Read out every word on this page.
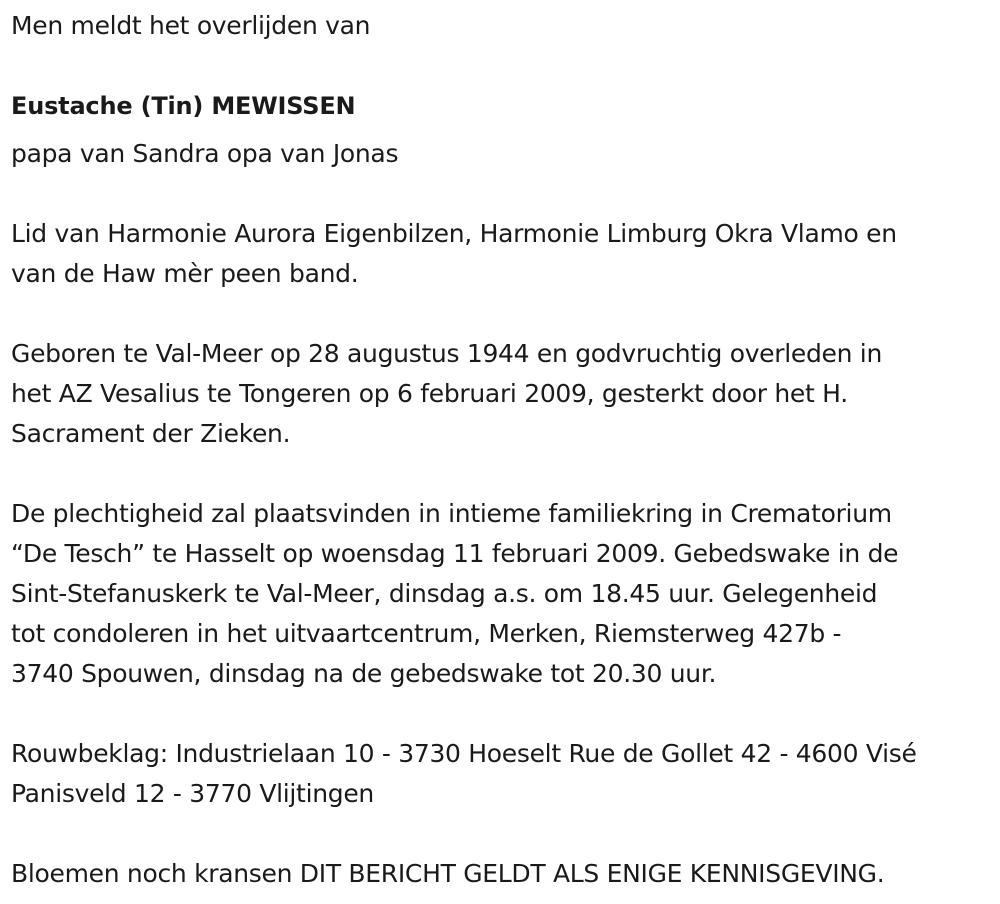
Men meldt het overlijden van

Eustache (Tin) MEWISSEN

papa van Sandra opa van Jonas

Lid van Harmonie Aurora Eigenbilzen, Harmonie Limburg Okra Vlamo en

van de Haw mèr peen band.

Geboren te Val-Meer op 28 augustus 1944 en godvruchtig overleden in

het AZ Vesalius te Tongeren op 6 februari 2009, gesterkt door het H.

Sacrament der Zieken.

De plechtigheid zal plaatsvinden in intieme familiekring in Crematorium

“De Tesch” te Hasselt op woensdag 11 februari 2009. Gebedswake in de

Sint-Stefanuskerk te Val-Meer, dinsdag a.s. om 18.45 uur. Gelegenheid

tot condoleren in het uitvaartcentrum, Merken, Riemsterweg 427b -

3740 Spouwen, dinsdag na de gebedswake tot 20.30 uur.

Rouwbeklag: Industrielaan 10 - 3730 Hoeselt Rue de Gollet 42 - 4600 Visé

Panisveld 12 - 3770 Vlijtingen

Bloemen noch kransen DIT BERICHT GELDT ALS ENIGE KENNISGEVING.
